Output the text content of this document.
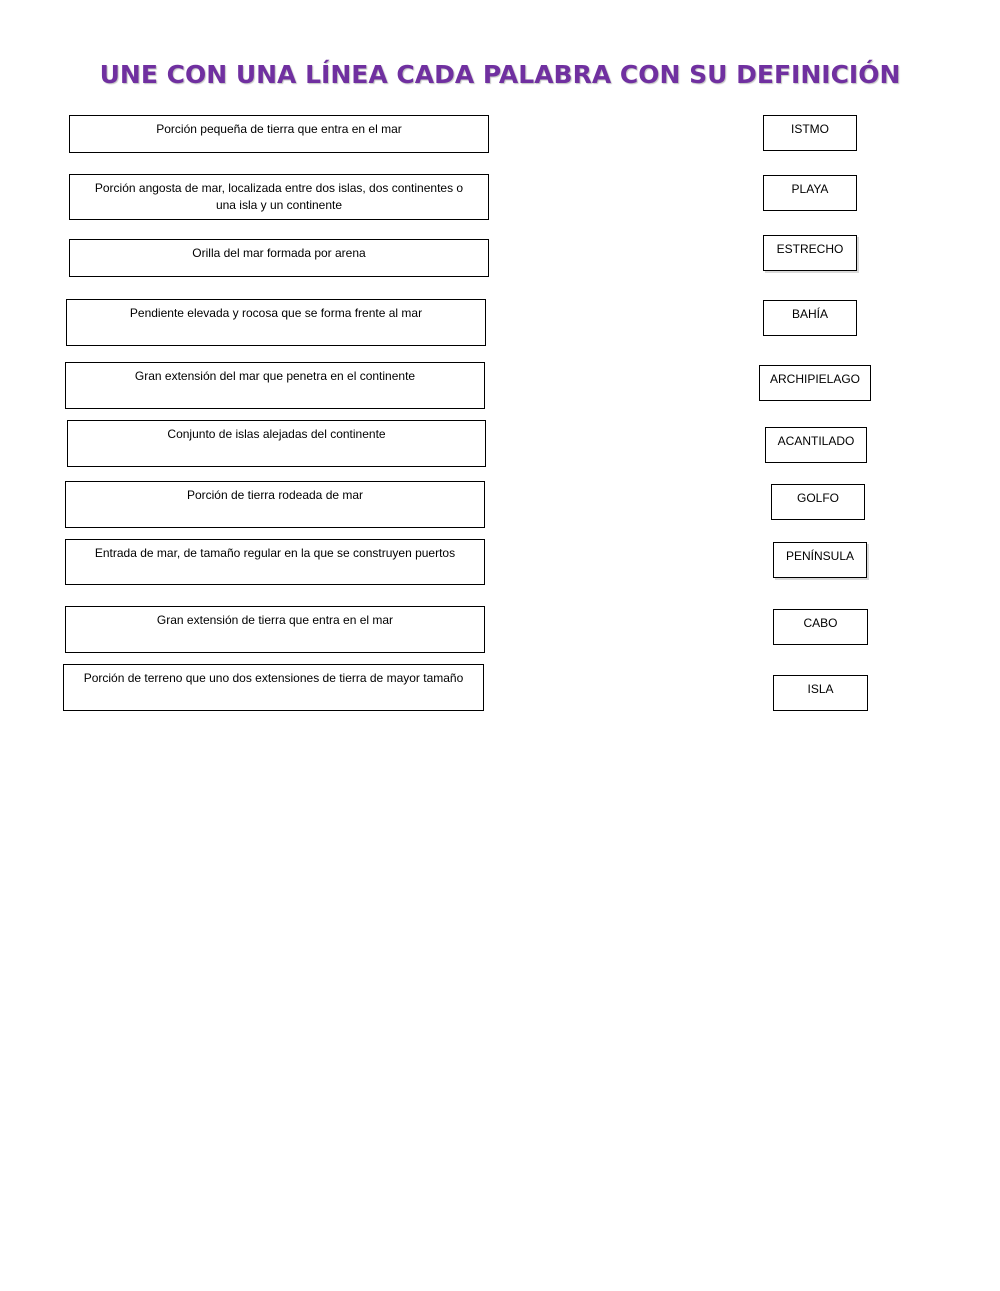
UNE CON UNA LÍNEA CADA PALABRA CON SU DEFINICIÓN
Porción pequeña de tierra que entra en el mar
Porción angosta de mar, localizada entre dos islas, dos continentes o una isla y un continente
Orilla del mar formada por arena
Pendiente elevada y rocosa que se forma frente al mar
Gran extensión del mar que penetra en el continente
Conjunto de islas alejadas del continente
Porción de tierra rodeada de mar
Entrada de mar, de tamaño regular en la que se construyen puertos
Gran extensión de tierra que entra en el mar
Porción de terreno que uno dos extensiones de tierra de mayor tamaño
ISTMO
PLAYA
ESTRECHO
BAHÍA
ARCHIPIELAGO
ACANTILADO
GOLFO
PENÍNSULA
CABO
ISLA
